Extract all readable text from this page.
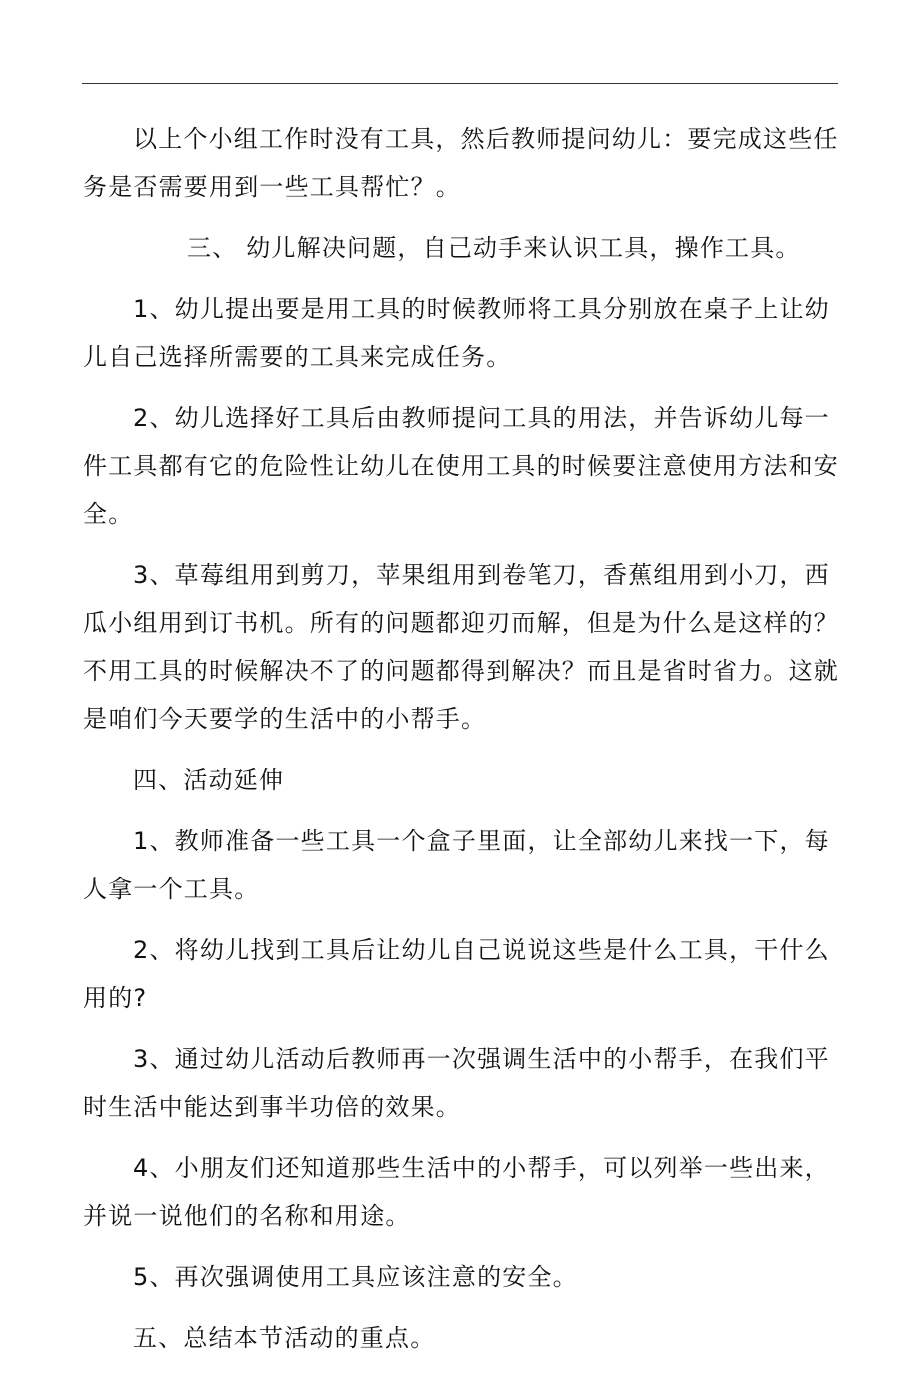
以上个小组工作时没有工具，然后教师提问幼儿：要完成这些任务是否需要用到一些工具帮忙？。

三、 幼儿解决问题，自己动手来认识工具，操作工具。

1、幼儿提出要是用工具的时候教师将工具分别放在桌子上让幼儿自己选择所需要的工具来完成任务。

2、幼儿选择好工具后由教师提问工具的用法，并告诉幼儿每一件工具都有它的危险性让幼儿在使用工具的时候要注意使用方法和安全。

3、草莓组用到剪刀，苹果组用到卷笔刀，香蕉组用到小刀，西瓜小组用到订书机。所有的问题都迎刃而解，但是为什么是这样的？不用工具的时候解决不了的问题都得到解决？而且是省时省力。这就是咱们今天要学的生活中的小帮手。

四、活动延伸

1、教师准备一些工具一个盒子里面，让全部幼儿来找一下，每人拿一个工具。

2、将幼儿找到工具后让幼儿自己说说这些是什么工具，干什么用的?

3、通过幼儿活动后教师再一次强调生活中的小帮手，在我们平时生活中能达到事半功倍的效果。

4、小朋友们还知道那些生活中的小帮手，可以列举一些出来，并说一说他们的名称和用途。

5、再次强调使用工具应该注意的安全。

五、总结本节活动的重点。
